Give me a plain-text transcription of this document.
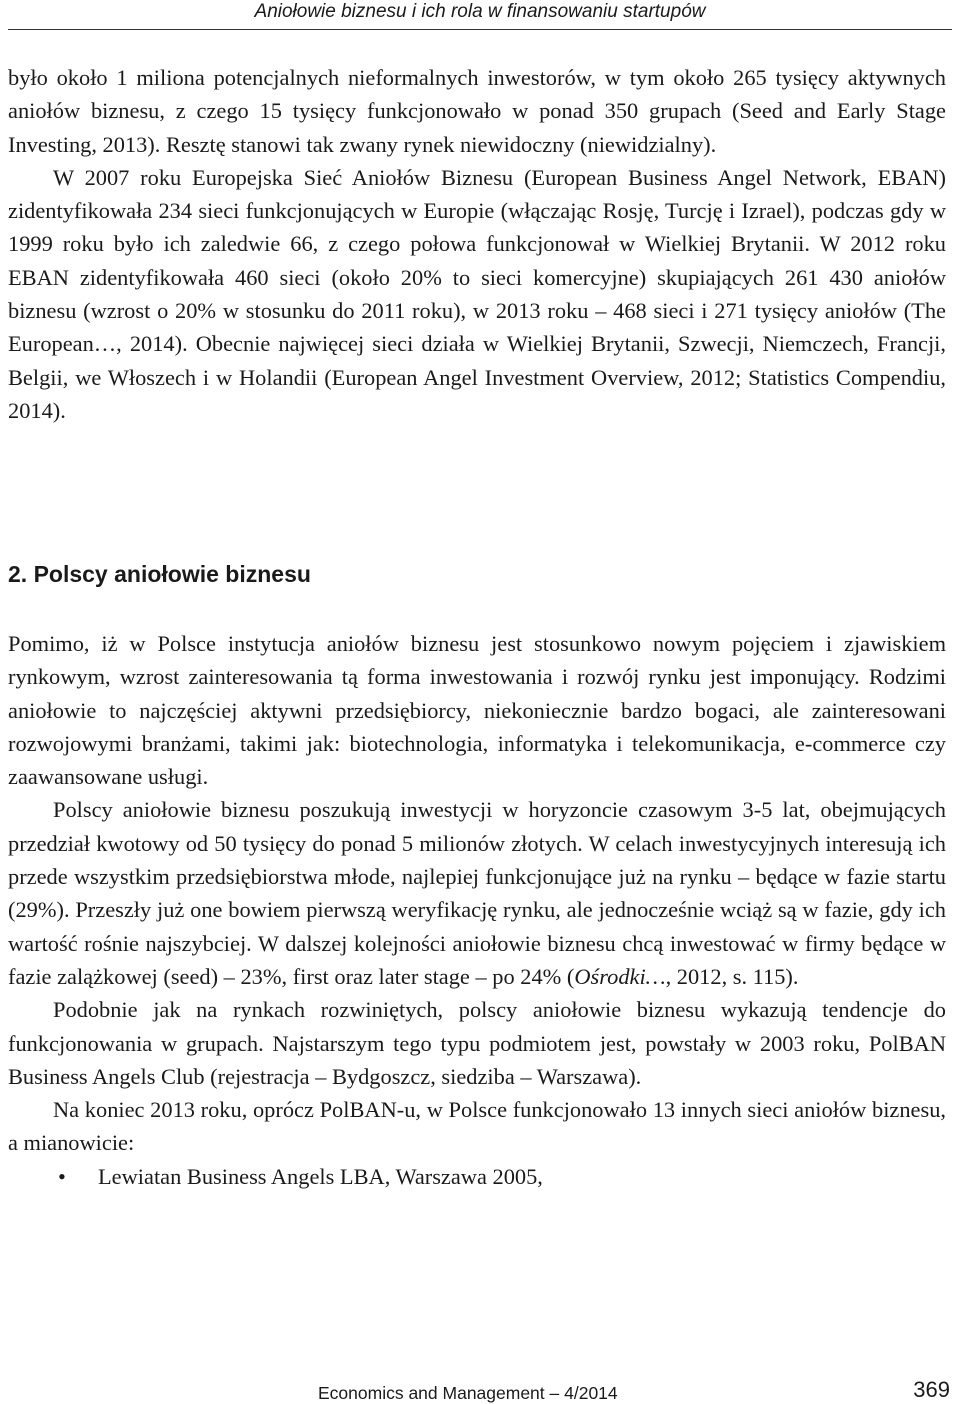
Aniołowie biznesu i ich rola w finansowaniu startupów

było około 1 miliona potencjalnych nieformalnych inwestorów, w tym około 265 tysięcy aktywnych aniołów biznesu, z czego 15 tysięcy funkcjonowało w ponad 350 grupach (Seed and Early Stage Investing, 2013). Resztę stanowi tak zwany rynek niewidoczny (niewidzialny).

W 2007 roku Europejska Sieć Aniołów Biznesu (European Business Angel Network, EBAN) zidentyfikowała 234 sieci funkcjonujących w Europie (włączając Rosję, Turcję i Izrael), podczas gdy w 1999 roku było ich zaledwie 66, z czego połowa funkcjonował w Wielkiej Brytanii. W 2012 roku EBAN zidentyfikowała 460 sieci (około 20% to sieci komercyjne) skupiających 261 430 aniołów biznesu (wzrost o 20% w stosunku do 2011 roku), w 2013 roku – 468 sieci i 271 tysięcy aniołów (The European…, 2014). Obecnie najwięcej sieci działa w Wielkiej Brytanii, Szwecji, Niemczech, Francji, Belgii, we Włoszech i w Holandii (European Angel Investment Overview, 2012; Statistics Compendiu, 2014).

2. Polscy aniołowie biznesu

Pomimo, iż w Polsce instytucja aniołów biznesu jest stosunkowo nowym pojęciem i zjawiskiem rynkowym, wzrost zainteresowania tą forma inwestowania i rozwój rynku jest imponujący. Rodzimi aniołowie to najczęściej aktywni przedsiębiorcy, niekoniecznie bardzo bogaci, ale zainteresowani rozwojowymi branżami, takimi jak: biotechnologia, informatyka i telekomunikacja, e-commerce czy zaawansowane usługi.

Polscy aniołowie biznesu poszukują inwestycji w horyzoncie czasowym 3-5 lat, obejmujących przedział kwotowy od 50 tysięcy do ponad 5 milionów złotych. W celach inwestycyjnych interesują ich przede wszystkim przedsiębiorstwa młode, najlepiej funkcjonujące już na rynku – będące w fazie startu (29%). Przeszły już one bowiem pierwszą weryfikację rynku, ale jednocześnie wciąż są w fazie, gdy ich wartość rośnie najszybciej. W dalszej kolejności aniołowie biznesu chcą inwestować w firmy będące w fazie zalążkowej (seed) – 23%, first oraz later stage – po 24% (Ośrodki…, 2012, s. 115).

Podobnie jak na rynkach rozwiniętych, polscy aniołowie biznesu wykazują tendencje do funkcjonowania w grupach. Najstarszym tego typu podmiotem jest, powstały w 2003 roku, PolBAN Business Angels Club (rejestracja – Bydgoszcz, siedziba – Warszawa).

Na koniec 2013 roku, oprócz PolBAN-u, w Polsce funkcjonowało 13 innych sieci aniołów biznesu, a mianowicie:

• Lewiatan Business Angels LBA, Warszawa 2005,
Economics and Management – 4/2014	369
